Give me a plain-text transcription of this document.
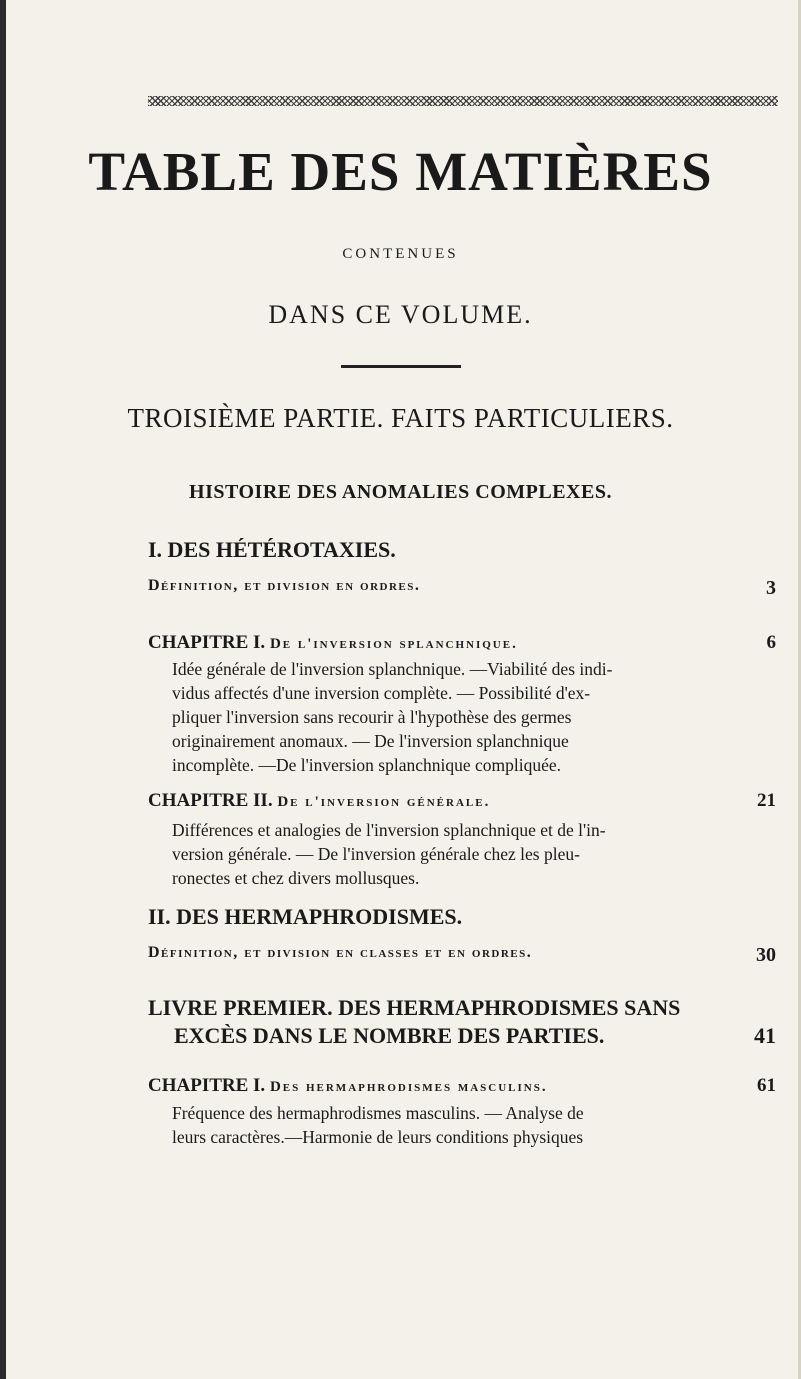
TABLE DES MATIÈRES
CONTENUES
DANS CE VOLUME.
TROISIÈME PARTIE. FAITS PARTICULIERS.
HISTOIRE DES ANOMALIES COMPLEXES.
I. DES HÉTÉROTAXIES.
Définition, et division en ordres.	3
CHAPITRE I. De l'inversion splanchnique.	6
Idée générale de l'inversion splanchnique. —Viabilité des indi-
vidus affectés d'une inversion complète. — Possibilité d'ex-
pliquer l'inversion sans recourir à l'hypothèse des germes
originairement anomaux. — De l'inversion splanchnique
incomplète. —De l'inversion splanchnique compliquée.
CHAPITRE II. De l'inversion générale.	21
Différences et analogies de l'inversion splanchnique et de l'in-
version générale. — De l'inversion générale chez les pleu-
ronectes et chez divers mollusques.
II. DES HERMAPHRODISMES.
Définition, et division en classes et en ordres.	30
LIVRE PREMIER. DES HERMAPHRODISMES SANS
EXCÈS DANS LE NOMBRE DES PARTIES.	41
CHAPITRE I. Des hermaphrodismes masculins.	61
Fréquence des hermaphrodismes masculins. — Analyse de
leurs caractères.—Harmonie de leurs conditions physiques
